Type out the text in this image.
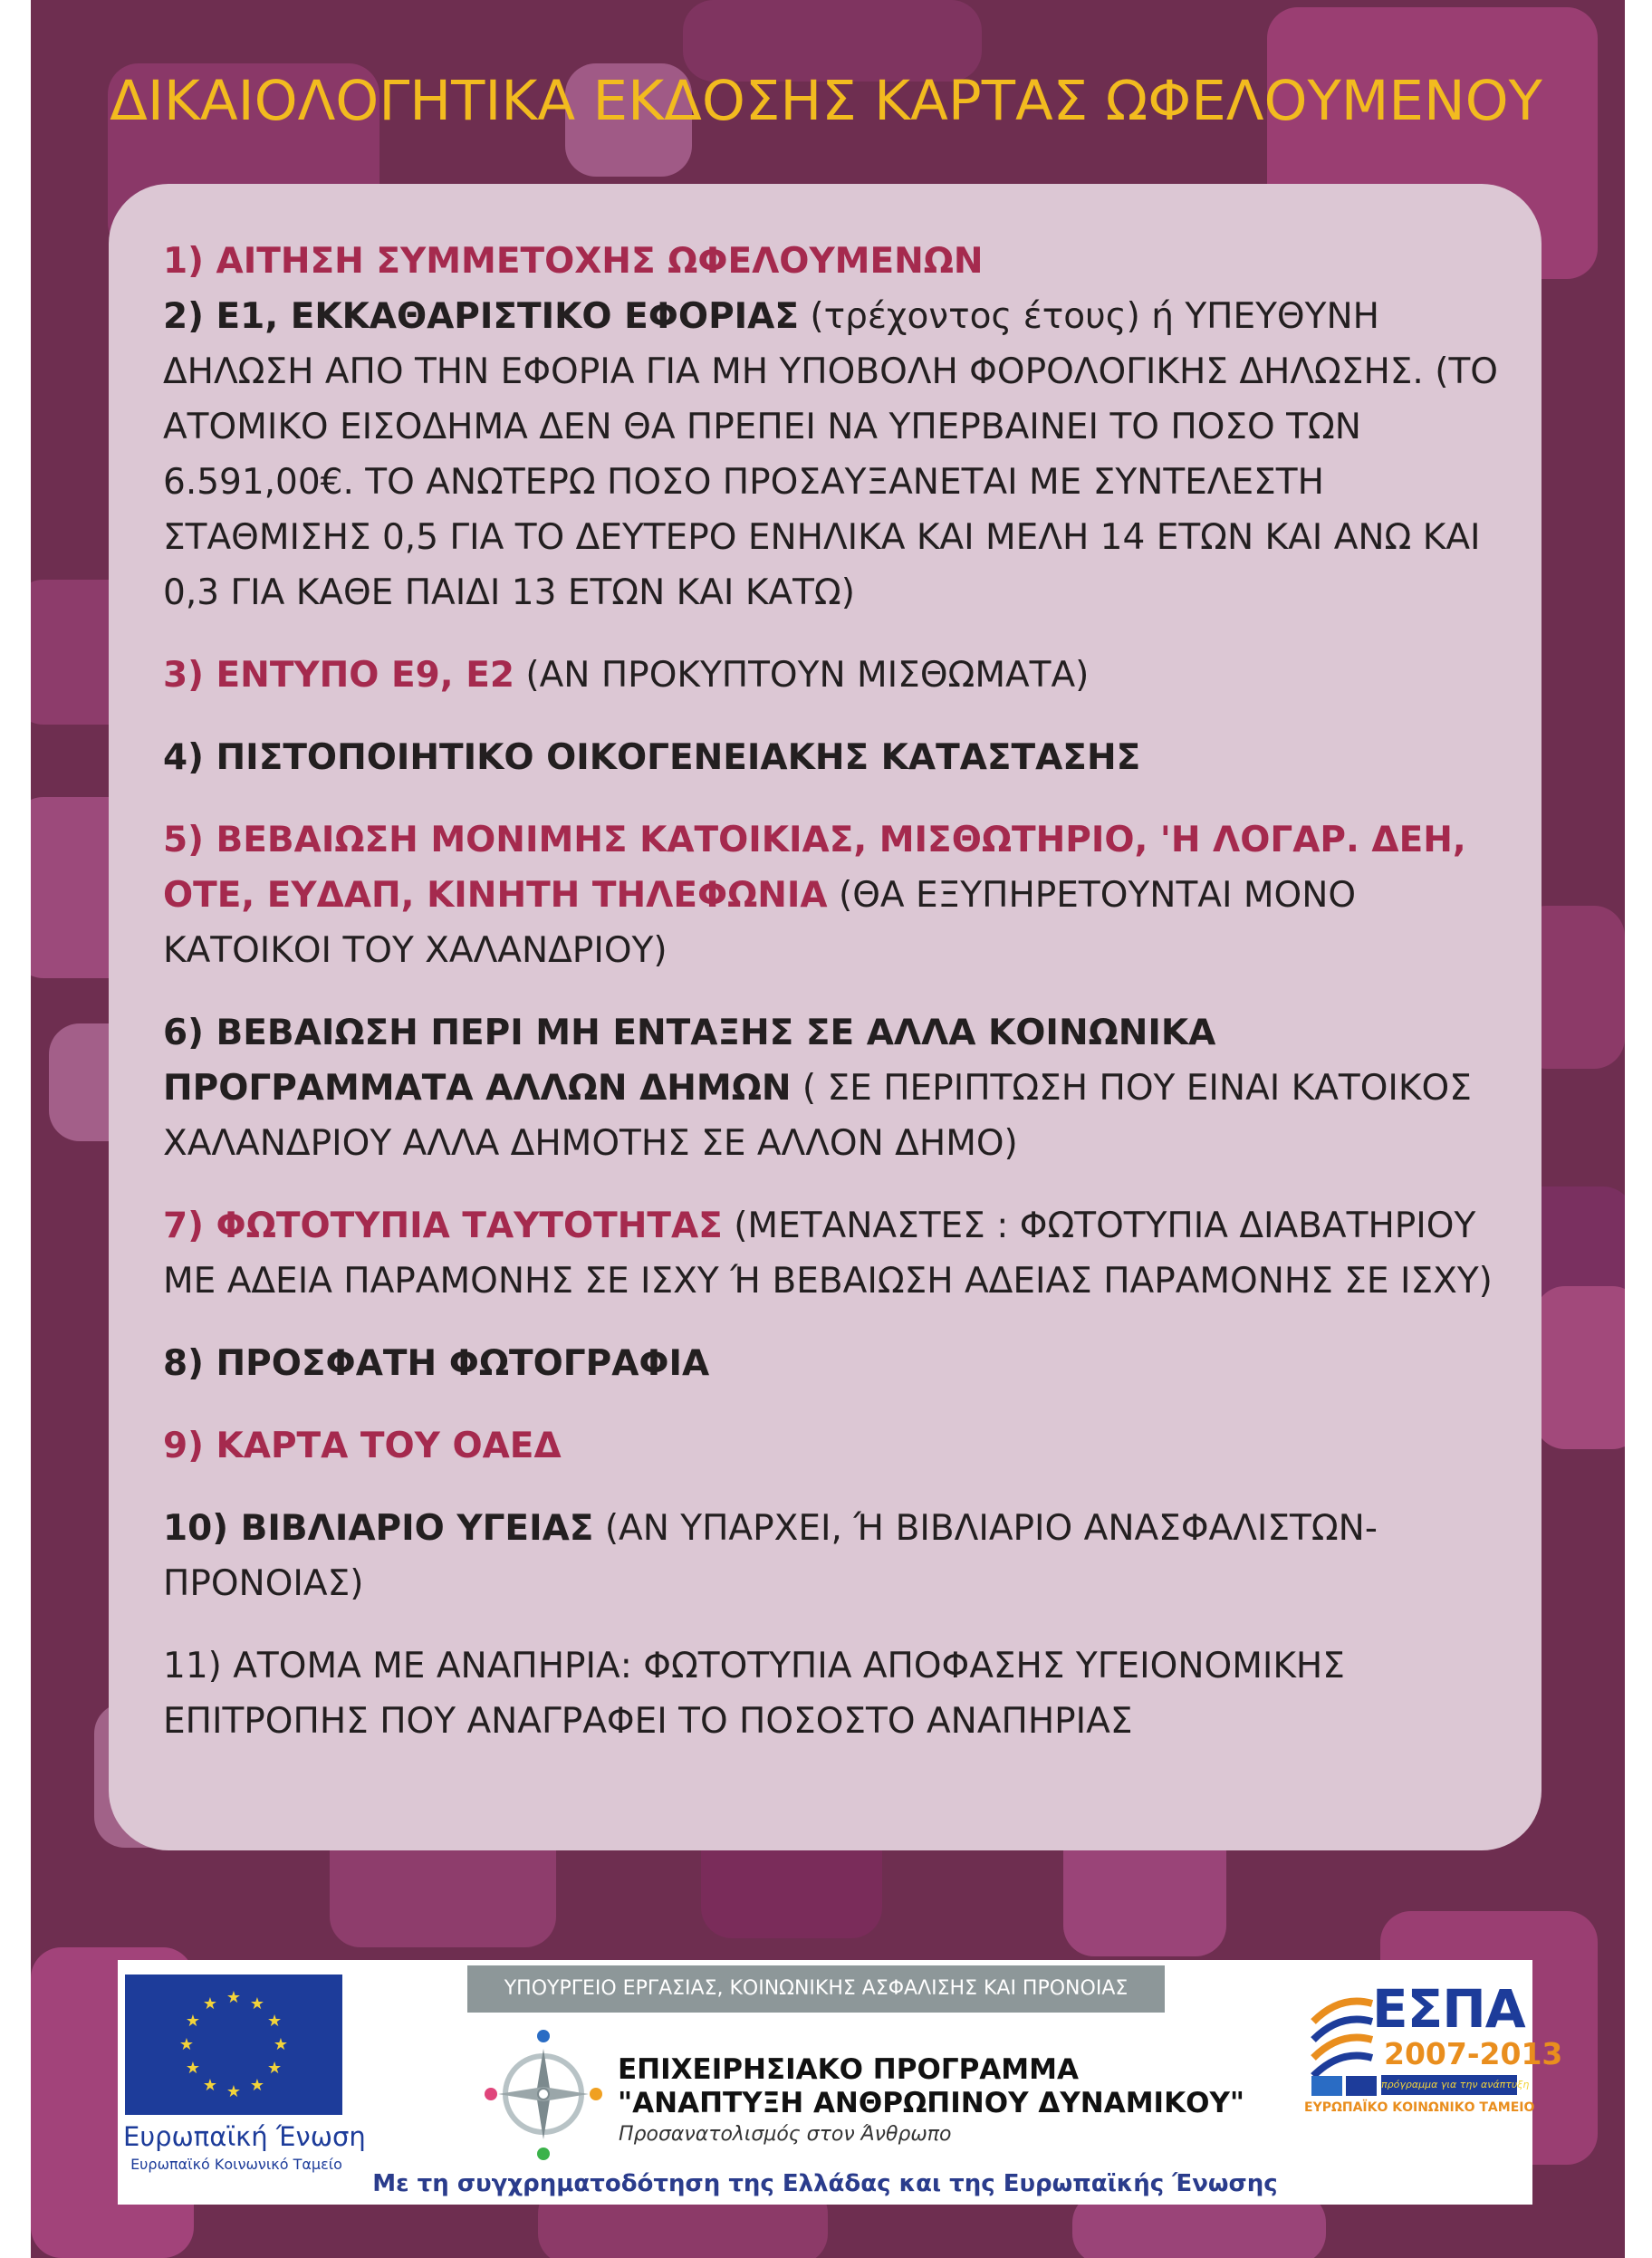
ΔΙΚΑΙΟΛΟΓΗΤΙΚΑ ΕΚΔΟΣΗΣ ΚΑΡΤΑΣ ΩΦΕΛΟΥΜΕΝΟΥ
1) ΑΙΤΗΣΗ ΣΥΜΜΕΤΟΧΗΣ ΩΦΕΛΟΥΜΕΝΩΝ
2) Ε1, ΕΚΚΑΘΑΡΙΣΤΙΚΟ ΕΦΟΡΙΑΣ (τρέχοντος έτους) ή ΥΠΕΥΘΥΝΗ ΔΗΛΩΣΗ ΑΠΟ ΤΗΝ ΕΦΟΡΙΑ ΓΙΑ ΜΗ ΥΠΟΒΟΛΗ ΦΟΡΟΛΟΓΙΚΗΣ ΔΗΛΩΣΗΣ. (ΤΟ ΑΤΟΜΙΚΟ ΕΙΣΟΔΗΜΑ ΔΕΝ ΘΑ ΠΡΕΠΕΙ ΝΑ ΥΠΕΡΒΑΙΝΕΙ ΤΟ ΠΟΣΟ ΤΩΝ 6.591,00€. ΤΟ ΑΝΩΤΕΡΩ ΠΟΣΟ ΠΡΟΣΑΥΞΑΝΕΤΑΙ ΜΕ ΣΥΝΤΕΛΕΣΤΗ ΣΤΑΘΜΙΣΗΣ 0,5 ΓΙΑ ΤΟ ΔΕΥΤΕΡΟ ΕΝΗΛΙΚΑ ΚΑΙ ΜΕΛΗ 14 ΕΤΩΝ ΚΑΙ ΑΝΩ ΚΑΙ 0,3 ΓΙΑ ΚΑΘΕ ΠΑΙΔΙ 13 ΕΤΩΝ ΚΑΙ ΚΑΤΩ)
3) ΕΝΤΥΠΟ Ε9, Ε2 (ΑΝ ΠΡΟΚΥΠΤΟΥΝ ΜΙΣΘΩΜΑΤΑ)
4) ΠΙΣΤΟΠΟΙΗΤΙΚΟ ΟΙΚΟΓΕΝΕΙΑΚΗΣ ΚΑΤΑΣΤΑΣΗΣ
5) ΒΕΒΑΙΩΣΗ ΜΟΝΙΜΗΣ ΚΑΤΟΙΚΙΑΣ, ΜΙΣΘΩΤΗΡΙΟ, 'Η ΛΟΓΑΡ. ΔΕΗ, ΟΤΕ, ΕΥΔΑΠ, ΚΙΝΗΤΗ ΤΗΛΕΦΩΝΙΑ (ΘΑ ΕΞΥΠΗΡΕΤΟΥΝΤΑΙ ΜΟΝΟ ΚΑΤΟΙΚΟΙ ΤΟΥ ΧΑΛΑΝΔΡΙΟΥ)
6) ΒΕΒΑΙΩΣΗ ΠΕΡΙ ΜΗ ΕΝΤΑΞΗΣ ΣΕ ΑΛΛΑ ΚΟΙΝΩΝΙΚΑ ΠΡΟΓΡΑΜΜΑΤΑ ΑΛΛΩΝ ΔΗΜΩΝ ( ΣΕ ΠΕΡΙΠΤΩΣΗ ΠΟΥ ΕΙΝΑΙ ΚΑΤΟΙΚΟΣ ΧΑΛΑΝΔΡΙΟΥ ΑΛΛΑ ΔΗΜΟΤΗΣ ΣΕ ΑΛΛΟΝ ΔΗΜΟ)
7) ΦΩΤΟΤΥΠΙΑ ΤΑΥΤΟΤΗΤΑΣ (ΜΕΤΑΝΑΣΤΕΣ : ΦΩΤΟΤΥΠΙΑ ΔΙΑΒΑΤΗΡΙΟΥ ΜΕ ΑΔΕΙΑ ΠΑΡΑΜΟΝΗΣ ΣΕ ΙΣΧΥ Ή ΒΕΒΑΙΩΣΗ ΑΔΕΙΑΣ ΠΑΡΑΜΟΝΗΣ ΣΕ ΙΣΧΥ)
8) ΠΡΟΣΦΑΤΗ ΦΩΤΟΓΡΑΦΙΑ
9) ΚΑΡΤΑ ΤΟΥ ΟΑΕΔ
10) ΒΙΒΛΙΑΡΙΟ ΥΓΕΙΑΣ (ΑΝ ΥΠΑΡΧΕΙ, Ή ΒΙΒΛΙΑΡΙΟ ΑΝΑΣΦΑΛΙΣΤΩΝ-ΠΡΟΝΟΙΑΣ)
11) ΑΤΟΜΑ ΜΕ ΑΝΑΠΗΡΙΑ: ΦΩΤΟΤΥΠΙΑ ΑΠΟΦΑΣΗΣ ΥΓΕΙΟΝΟΜΙΚΗΣ ΕΠΙΤΡΟΠΗΣ ΠΟΥ ΑΝΑΓΡΑΦΕΙ ΤΟ ΠΟΣΟΣΤΟ ΑΝΑΠΗΡΙΑΣ
★ ★
★
★
★
★
★
★
★
★
★
★
Ευρωπαϊκή Ένωση
Ευρωπαϊκό Κοινωνικό Ταμείο
ΥΠΟΥΡΓΕΙΟ ΕΡΓΑΣΙΑΣ, ΚΟΙΝΩΝΙΚΗΣ ΑΣΦΑΛΙΣΗΣ ΚΑΙ ΠΡΟΝΟΙΑΣ
ΕΠΙΧΕΙΡΗΣΙΑΚΟ ΠΡΟΓΡΑΜΜΑ
"ΑΝΑΠΤΥΞΗ ΑΝΘΡΩΠΙΝΟΥ ΔΥΝΑΜΙΚΟΥ"
Προσανατολισμός στον Άνθρωπο
ΕΣΠΑ
2007-2013
πρόγραμμα για την ανάπτυξη
ΕΥΡΩΠΑΪΚΟ ΚΟΙΝΩΝΙΚΟ ΤΑΜΕΙΟ
Με τη συγχρηματοδότηση της Ελλάδας και της Ευρωπαϊκής Ένωσης
